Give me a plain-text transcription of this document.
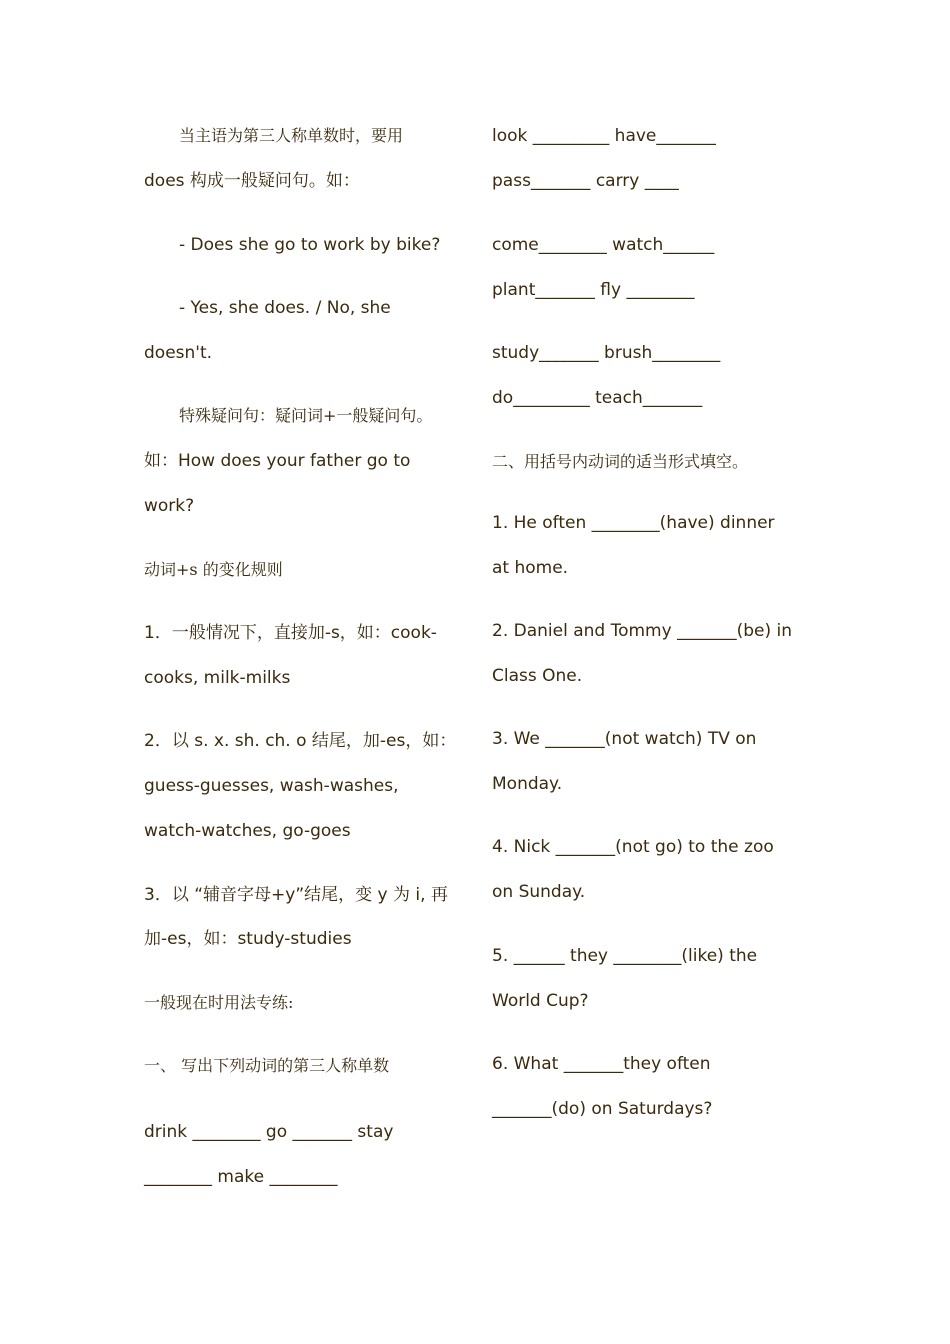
当主语为第三人称单数时，要用
does 构成一般疑问句。如：
- Does she go to work by bike?
- Yes, she does. / No, she
doesn't.
特殊疑问句：疑问词+一般疑问句。
如：How does your father go to
work?
动词+s 的变化规则
1．一般情况下，直接加-s，如：cook-
cooks, milk-milks
2．以 s. x. sh. ch. o 结尾，加-es，如：
guess-guesses, wash-washes,
watch-watches, go-goes
3．以 “辅音字母+y”结尾，变 y 为 i, 再
加-es，如：study-studies
一般现在时用法专练:
一、 写出下列动词的第三人称单数
drink ________ go _______ stay
________ make ________
look _________ have_______
pass_______ carry ____
come________ watch______
plant_______ fly ________
study_______ brush________
do_________ teach_______
二、用括号内动词的适当形式填空。
1. He often ________(have) dinner
at home.
2. Daniel and Tommy _______(be) in
Class One.
3. We _______(not watch) TV on
Monday.
4. Nick _______(not go) to the zoo
on Sunday.
5. ______ they ________(like) the
World Cup?
6. What _______they often
_______(do) on Saturdays?
